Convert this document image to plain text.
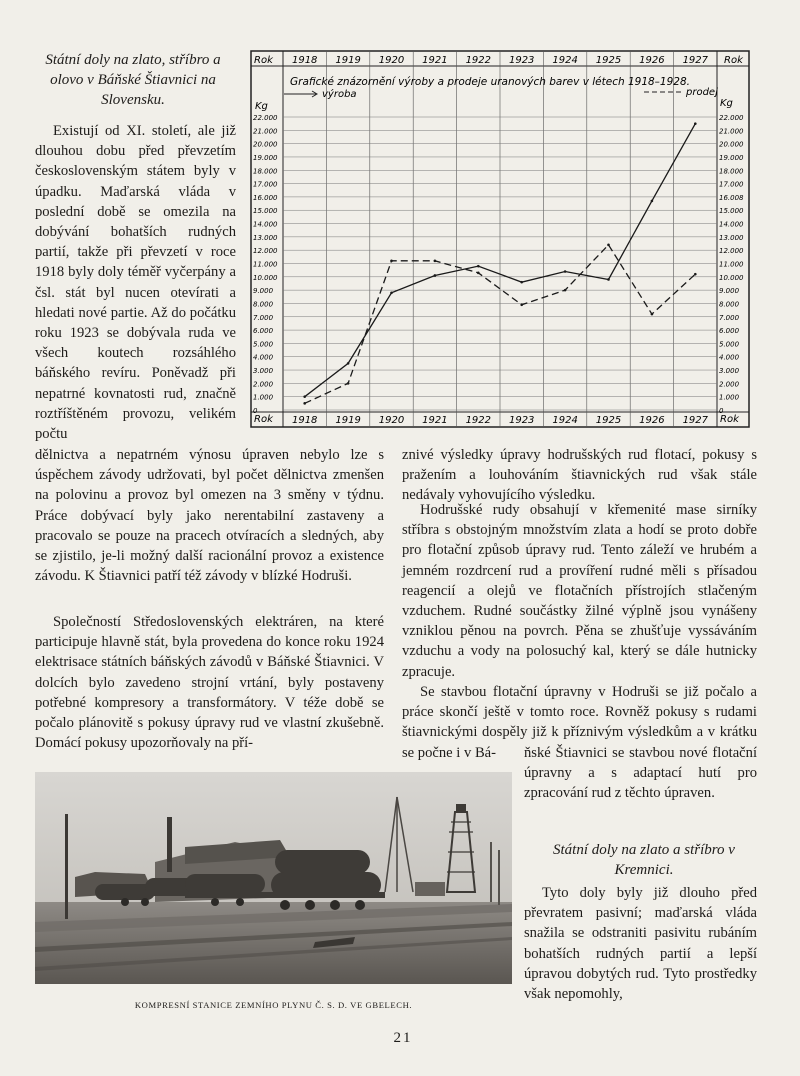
Státní doly na zlato, stříbro a olovo v Báňské Štiavnici na Slovensku.

Existují od XI. století, ale již dlouhou dobu před převzetím československým státem byly v úpadku. Maďarská vláda v poslední době se omezila na dobývání bohatších rudných partií, takže při převzetí v roce 1918 byly doly téměř vyčerpány a čsl. stát byl nucen otevírati a hledati nové partie. Až do počátku roku 1923 se dobývala ruda ve všech koutech rozsáhlého báňského revíru. Poněvadž při nepatrné kovnatosti rud, značně roztříštěném provozu, velikém počtu

Rok	Rok
Rok	Rok
Kg	Kg
1918 1919 1920 1921 1922 1923 1924 1925 1926 1927
1918 1919 1920 1921 1922 1923 1924 1925 1926 1927
0
1.000
2.000
3.000
4.000
5.000
6.000
7.000
8.000
9.000
10.000
11.000
12.000
13.000
14.000
15.000
16.000
17.000
18.000
19.000
20.000
21.000
22.000
0
1.000
2.000
3.000
4.000
5.000
6.000
7.000
8.000
9.000
10.000
11.000
12.000
13.000
14.000
15.000
16.008
17.000
18.000
19.000
20.000
21.000
22.000
Grafické znázornění výroby a prodeje uranových barev v létech 1918–1928.
výroba	prodej

dělnictva a nepatrném výnosu úpraven nebylo lze s úspěchem závody udržovati, byl počet dělnictva zmenšen na polovinu a provoz byl omezen na 3 směny v týdnu. Práce dobývací byly jako nerentabilní zastaveny a pracovalo se pouze na pracech otvíracích a sledných, aby se zjistilo, je-li možný další racionální provoz a existence závodu. K Štiavnici patří též závody v blízké Hodruši.

Společností Středoslovenských elektráren, na které participuje hlavně stát, byla provedena do konce roku 1924 elektrisace státních báňských závodů v Báňské Štiavnici. V dolcích bylo zavedeno strojní vrtání, byly postaveny potřebné kompresory a transformátory. V téže době se počalo plánovitě s pokusy úpravy rud ve vlastní zkušebně. Domácí pokusy upozorňovaly na pří-

znivé výsledky úpravy hodrušských rud flotací, pokusy s pražením a louhováním štiavnických rud však stále nedávaly vyhovujícího výsledku.

Hodrušské rudy obsahují v křemenité mase sirníky stříbra s obstojným množstvím zlata a hodí se proto dobře pro flotační způsob úpravy rud. Tento záleží ve hrubém a jemném rozdrcení rud a províření rudné měli s přísadou reagencií a olejů ve flotačních přístrojích stlačeným vzduchem. Rudné součástky žilné výplně jsou vynášeny vzniklou pěnou na povrch. Pěna se zhušťuje vyssáváním vzduchu a vody na polosuchý kal, který se dále hutnicky zpracuje.

Se stavbou flotační úpravny v Hodruši se již počalo a práce skončí ještě v tomto roce. Rovněž pokusy s rudami štiavnickými dospěly již k příznivým výsledkům a v krátku se počne i v Bá-	ňské Štiavnici se stavbou nové flotační úpravny a s adaptací hutí pro zpracování rud z těchto úpraven.

Státní doly na zlato a stříbro v Kremnici.

Tyto doly byly již dlouho před převratem pasivní; maďarská vláda snažila se odstraniti pasivitu rubáním bohatších rudných partií a lepší úpravou dobytých rud. Tyto prostředky však nepomohly,

KOMPRESNÍ STANICE ZEMNÍHO PLYNU Č. S. D. VE GBELECH.
21
